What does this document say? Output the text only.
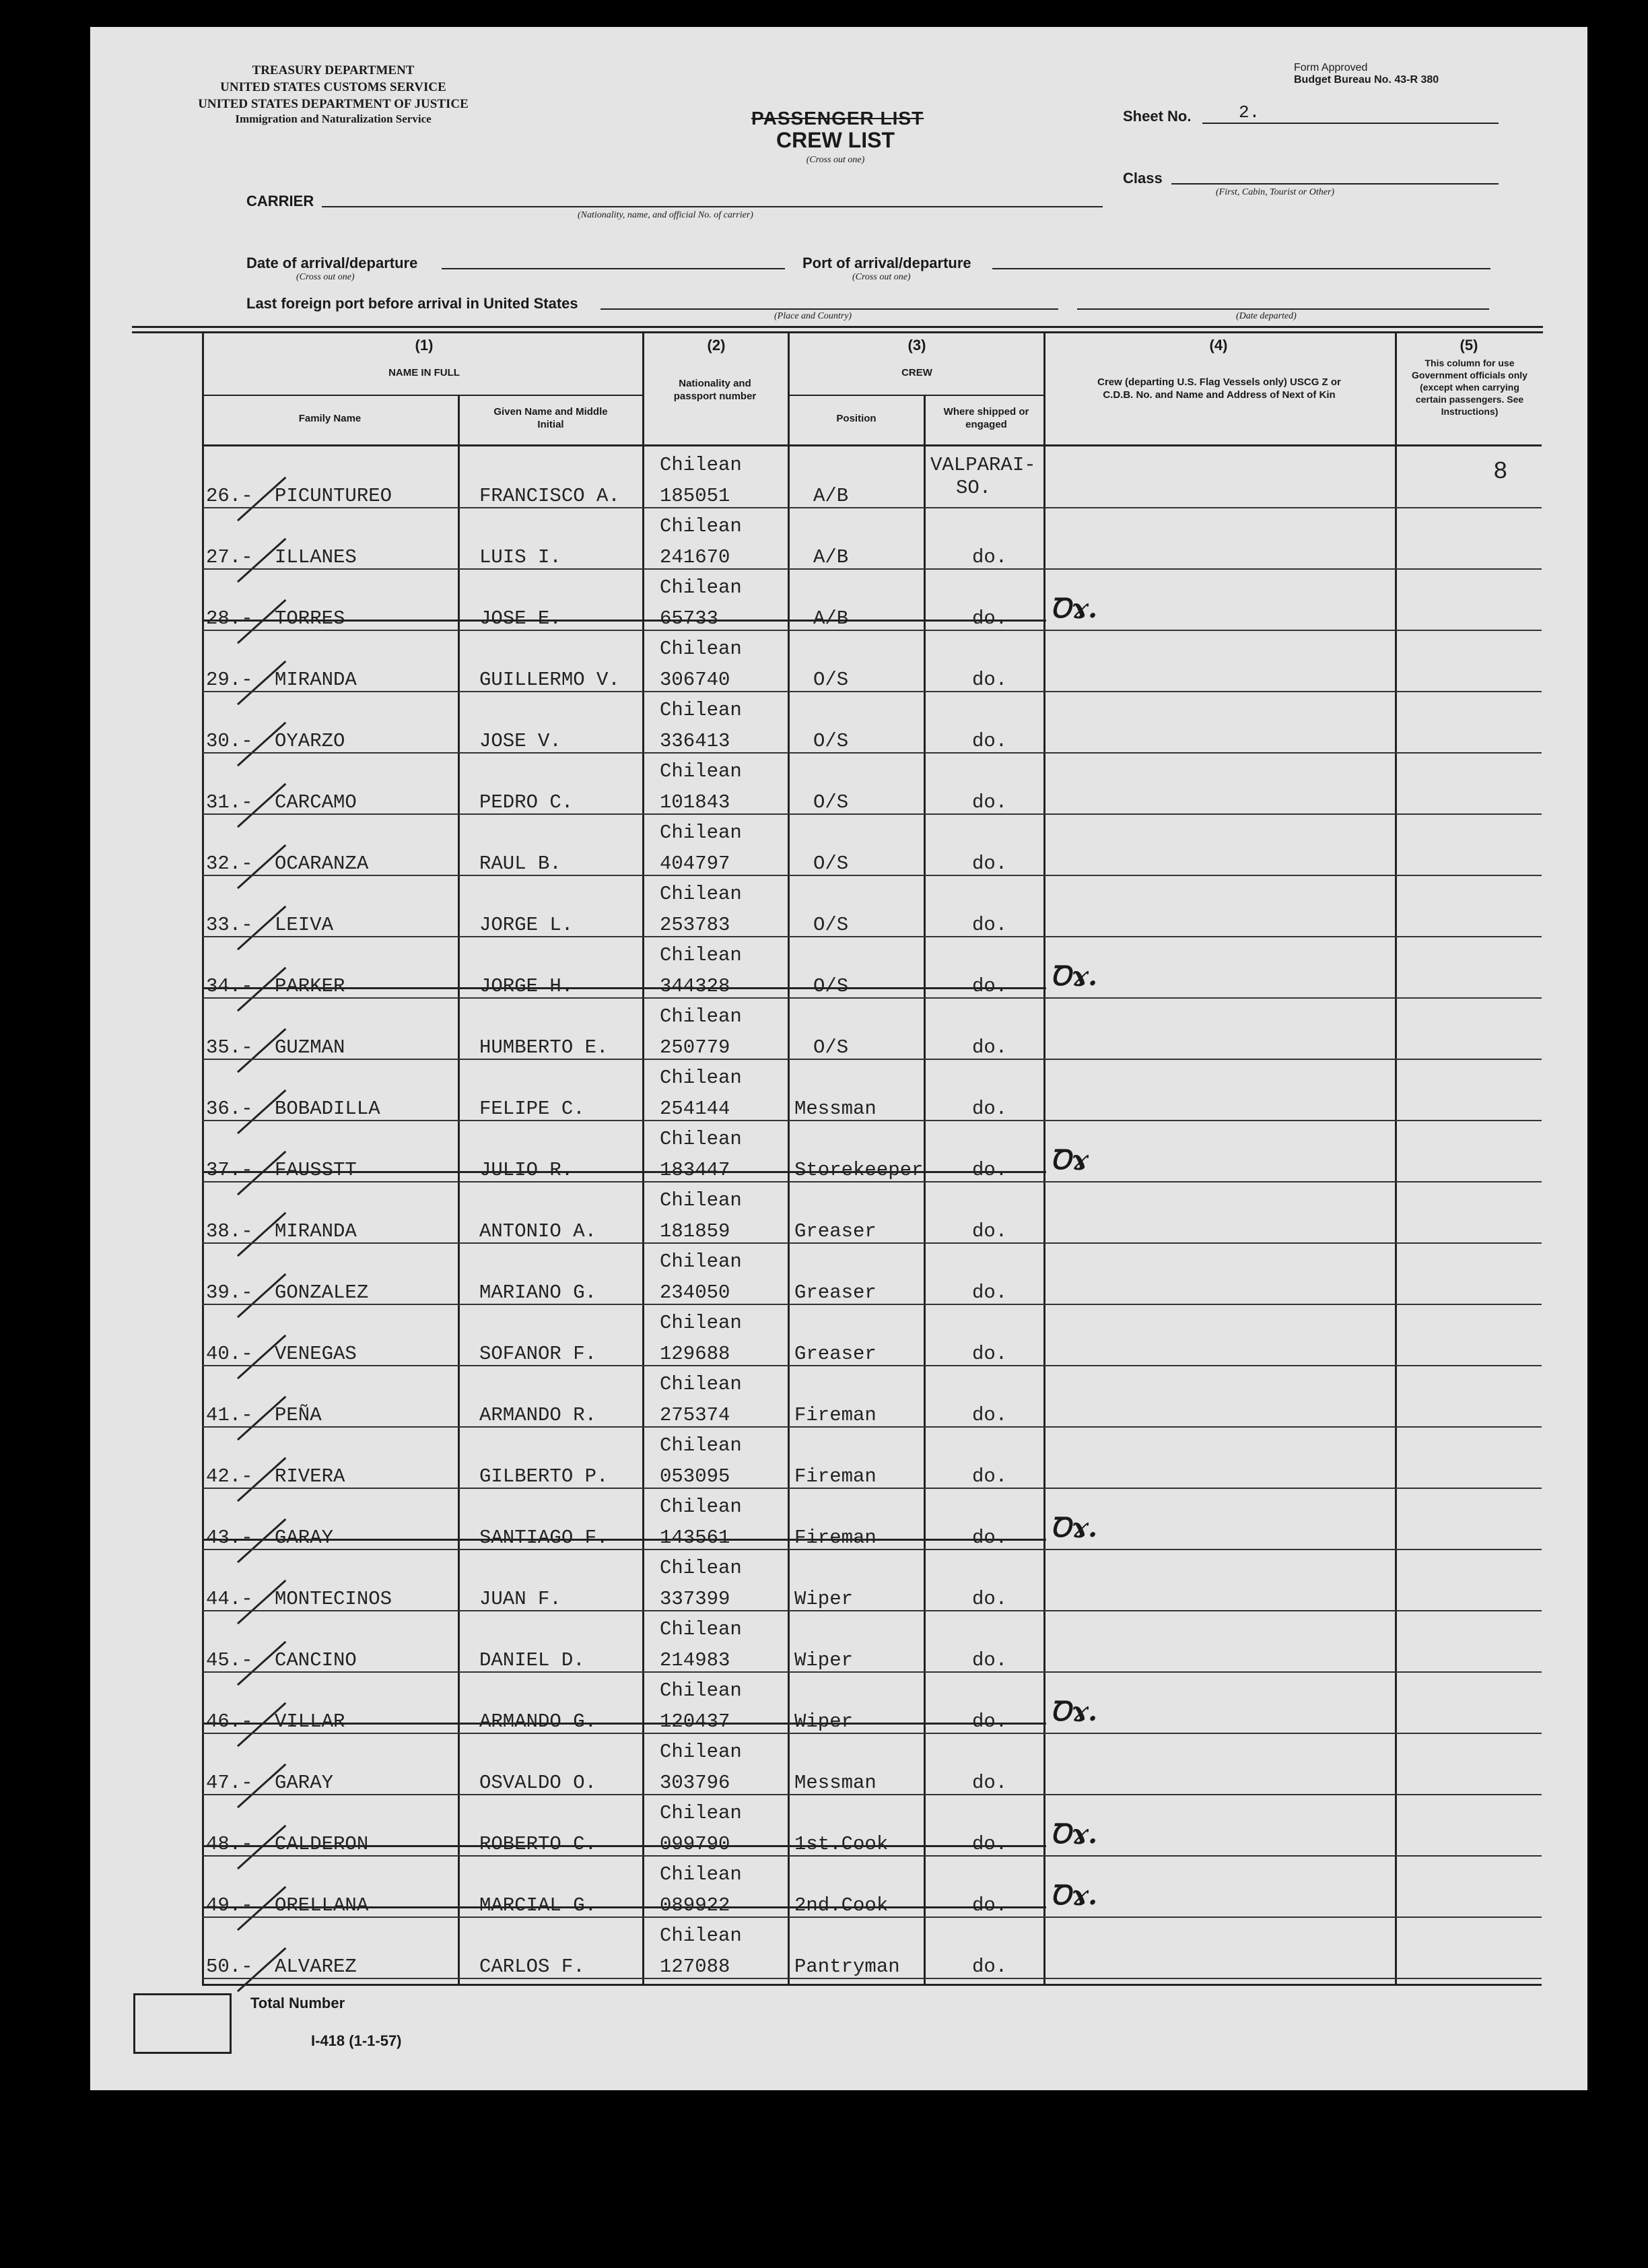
TREASURY DEPARTMENT
UNITED STATES CUSTOMS SERVICE
UNITED STATES DEPARTMENT OF JUSTICE
Immigration and Naturalization Service
Form Approved
Budget Bureau No. 43-R 380
PASSENGER LIST
CREW LIST
(Cross out one)
Sheet No.	2.
Class
(First, Cabin, Tourist or Other)
CARRIER
(Nationality, name, and official No. of carrier)
Date of arrival/departure
(Cross out one)
Port of arrival/departure
(Cross out one)
Last foreign port before arrival in United States
(Place and Country)	(Date departed)
(1)
NAME IN FULL
Family Name
Given Name and Middle Initial
(2)
Nationality and passport number
(3)
CREW
Position
Where shipped or engaged
(4)
Crew (departing U.S. Flag Vessels only) USCG Z or C.D.B. No. and Name and Address of Next of Kin
(5)
This column for use Government officials only (except when carrying certain passengers. See Instructions)
26.- PICUNTUREO	FRANCISCO A.
Chilean
185051	A/B
VALPARAI-
SO.
8
27.- ILLANES	LUIS I.
Chilean
241670	A/B	do.
28.- TORRES	JOSE E.
Chilean
65733	A/B	do. Ꝺɤ.
29.- MIRANDA	GUILLERMO V.
Chilean
306740	O/S	do.
30.- OYARZO	JOSE V.
Chilean
336413	O/S	do.
31.- CARCAMO	PEDRO C.
Chilean
101843	O/S	do.
32.- OCARANZA	RAUL B.
Chilean
404797	O/S	do.
33.- LEIVA	JORGE L.
Chilean
253783	O/S	do.
34.- PARKER	JORGE H.
Chilean
344328	O/S	do. Ꝺɤ.
35.- GUZMAN	HUMBERTO E.
Chilean
250779	O/S	do.
36.- BOBADILLA	FELIPE C.
Chilean
254144	Messman	do.
37.- FAUSSTT	JULIO R.
Chilean
183447	Storekeeper	do. Ꝺɤ
38.- MIRANDA	ANTONIO A.
Chilean
181859	Greaser	do.
39.- GONZALEZ	MARIANO G.
Chilean
234050	Greaser	do.
40.- VENEGAS	SOFANOR F.
Chilean
129688	Greaser	do.
41.- PEÑA	ARMANDO R.
Chilean
275374	Fireman	do.
42.- RIVERA	GILBERTO P.
Chilean
053095	Fireman	do.
43.- GARAY	SANTIAGO F.
Chilean
143561	Fireman	do. Ꝺɤ.
44.- MONTECINOS	JUAN F.
Chilean
337399	Wiper	do.
45.- CANCINO	DANIEL D.
Chilean
214983	Wiper	do.
46.- VILLAR	ARMANDO G.
Chilean
120437	Wiper	do. Ꝺɤ.
47.- GARAY	OSVALDO O.
Chilean
303796	Messman	do.
48.- CALDERON	ROBERTO C.
Chilean
099790	1st.Cook	do. Ꝺɤ.
49.- ORELLANA	MARCIAL G.
Chilean
089922	2nd.Cook	do. Ꝺɤ.
50.- ALVAREZ	CARLOS F.
Chilean
127088	Pantryman	do.
Total Number
I-418 (1-1-57)
